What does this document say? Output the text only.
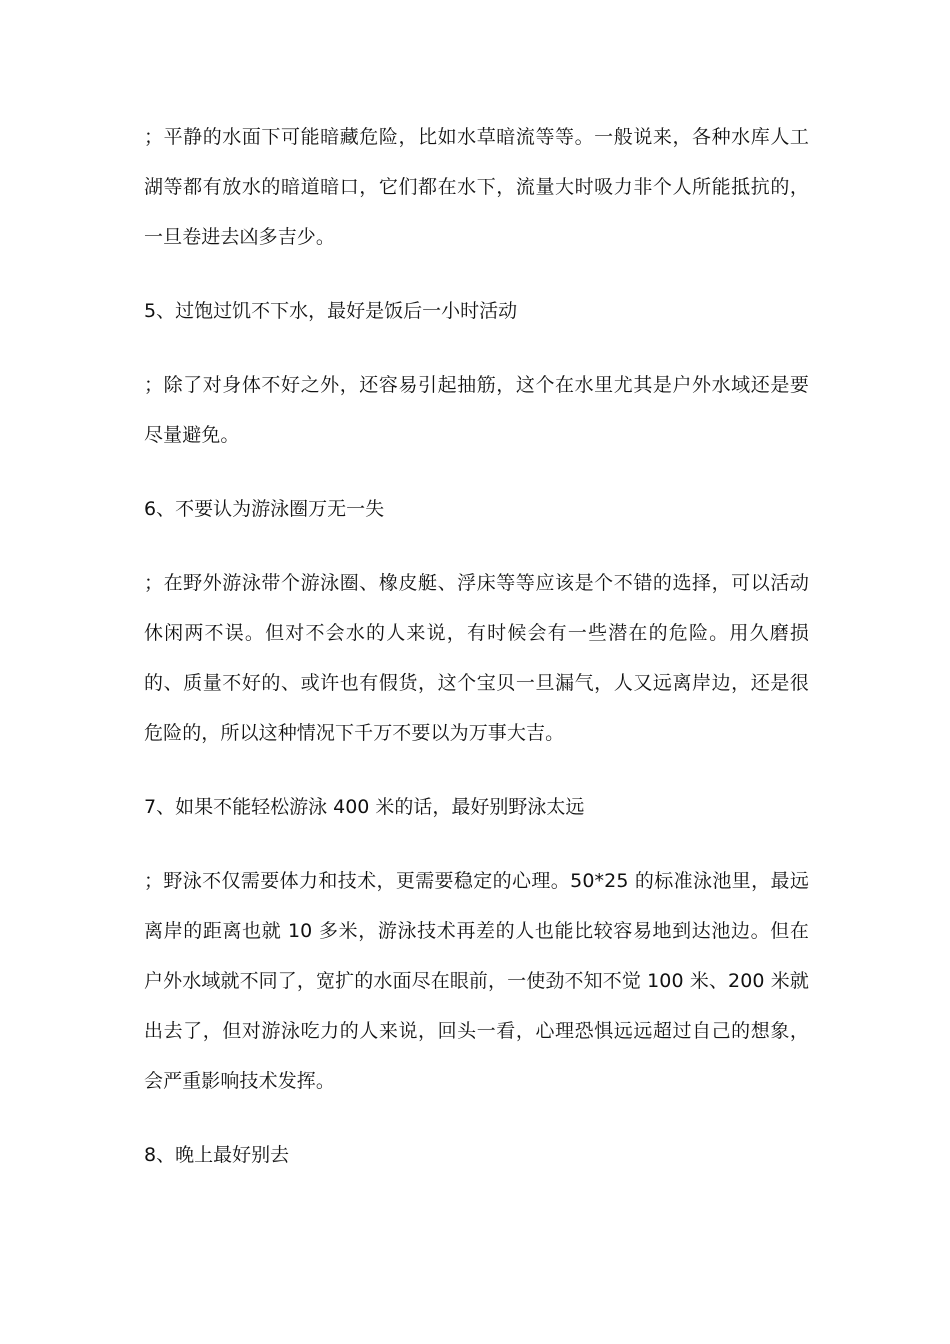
；平静的水面下可能暗藏危险，比如水草暗流等等。一般说来，各种水库人工湖等都有放水的暗道暗口，它们都在水下，流量大时吸力非个人所能抵抗的，一旦卷进去凶多吉少。

5、过饱过饥不下水，最好是饭后一小时活动

；除了对身体不好之外，还容易引起抽筋，这个在水里尤其是户外水域还是要尽量避免。

6、不要认为游泳圈万无一失

；在野外游泳带个游泳圈、橡皮艇、浮床等等应该是个不错的选择，可以活动休闲两不误。但对不会水的人来说，有时候会有一些潜在的危险。用久磨损的、质量不好的、或许也有假货，这个宝贝一旦漏气，人又远离岸边，还是很危险的，所以这种情况下千万不要以为万事大吉。

7、如果不能轻松游泳 400 米的话，最好别野泳太远

；野泳不仅需要体力和技术，更需要稳定的心理。50*25 的标准泳池里，最远离岸的距离也就 10 多米，游泳技术再差的人也能比较容易地到达池边。但在户外水域就不同了，宽扩的水面尽在眼前，一使劲不知不觉 100 米、200 米就出去了，但对游泳吃力的人来说，回头一看，心理恐惧远远超过自己的想象，会严重影响技术发挥。

8、晚上最好别去
